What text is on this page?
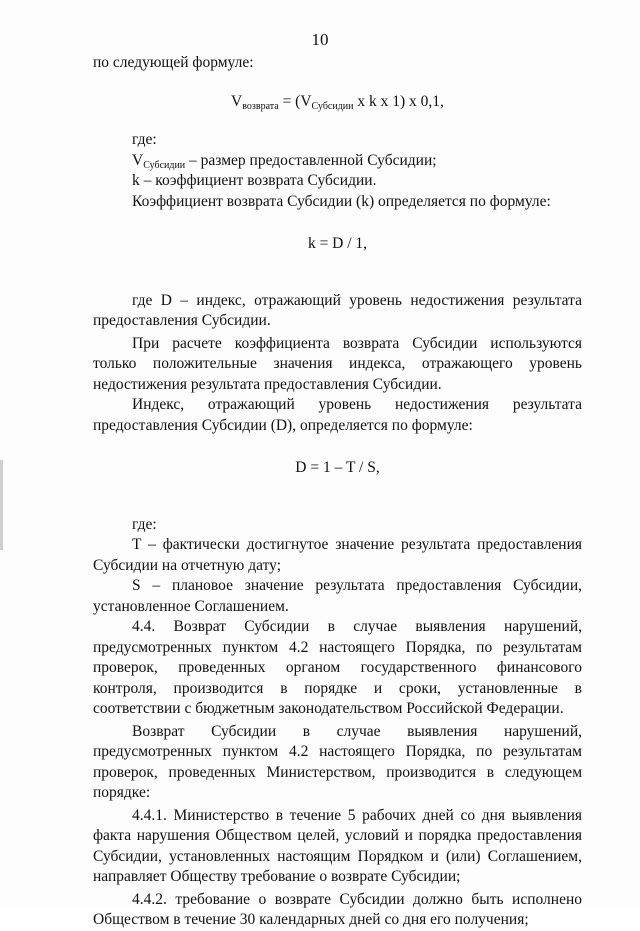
10

по следующей формуле:

$V_{возврата} = (V_{Субсидии}$ x k x 1) x 0,1,

где:

$V_{Субсидии}$ – размер предоставленной Субсидии;

k – коэффициент возврата Субсидии.

Коэффициент возврата Субсидии (k) определяется по формуле:

k = D / 1,

где D – индекс, отражающий уровень недостижения результата предоставления Субсидии.

При расчете коэффициента возврата Субсидии используются только положительные значения индекса, отражающего уровень недостижения результата предоставления Субсидии.

Индекс, отражающий уровень недостижения результата предоставления Субсидии (D), определяется по формуле:

D = 1 – T / S,

где:

T – фактически достигнутое значение результата предоставления Субсидии на отчетную дату;

S – плановое значение результата предоставления Субсидии, установленное Соглашением.

4.4. Возврат Субсидии в случае выявления нарушений, предусмотренных пунктом 4.2 настоящего Порядка, по результатам проверок, проведенных органом государственного финансового контроля, производится в порядке и сроки, установленные в соответствии с бюджетным законодательством Российской Федерации.

Возврат Субсидии в случае выявления нарушений, предусмотренных пунктом 4.2 настоящего Порядка, по результатам проверок, проведенных Министерством, производится в следующем порядке:

4.4.1. Министерство в течение 5 рабочих дней со дня выявления факта нарушения Обществом целей, условий и порядка предоставления Субсидии, установленных настоящим Порядком и (или) Соглашением, направляет Обществу требование о возврате Субсидии;

4.4.2. требование о возврате Субсидии должно быть исполнено Обществом в течение 30 календарных дней со дня его получения;
